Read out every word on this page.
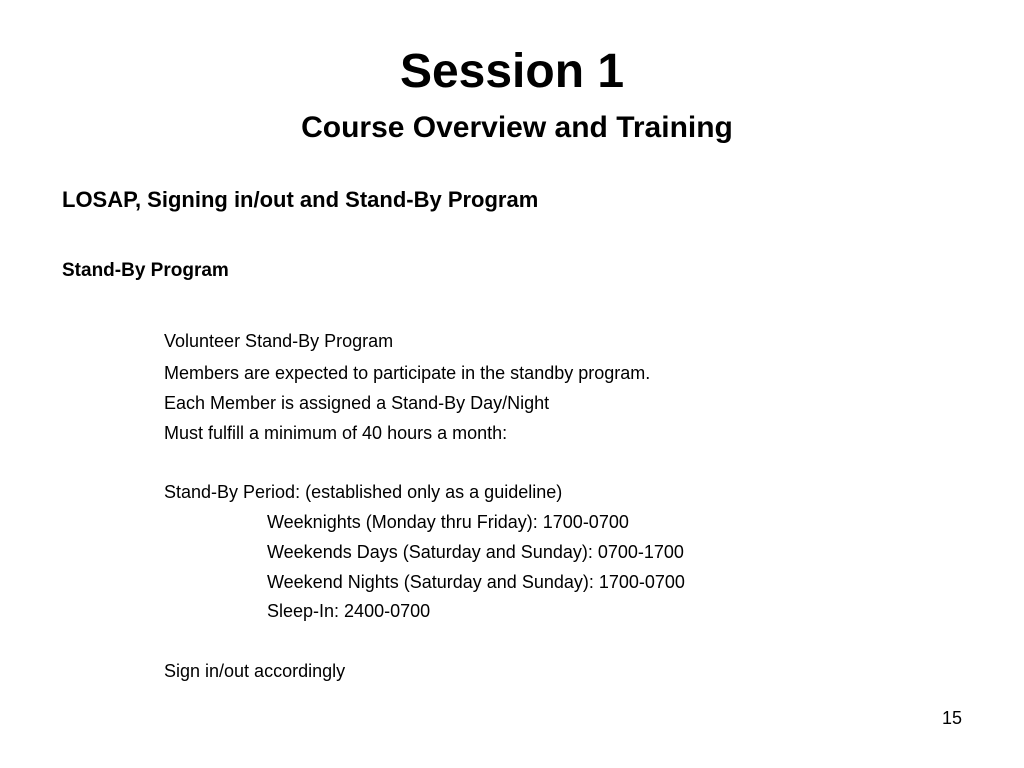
Session 1
Course Overview and Training
LOSAP, Signing in/out and Stand-By Program
Stand-By Program

Volunteer Stand-By Program

Members are expected to participate in the standby program.

Each Member is assigned a Stand-By Day/Night

Must fulfill a minimum of 40 hours a month:

Stand-By Period: (established only as a guideline)

Weeknights (Monday thru Friday): 1700-0700

Weekends Days (Saturday and Sunday): 0700-1700

Weekend Nights (Saturday and Sunday): 1700-0700

Sleep-In: 2400-0700

Sign in/out accordingly

15
